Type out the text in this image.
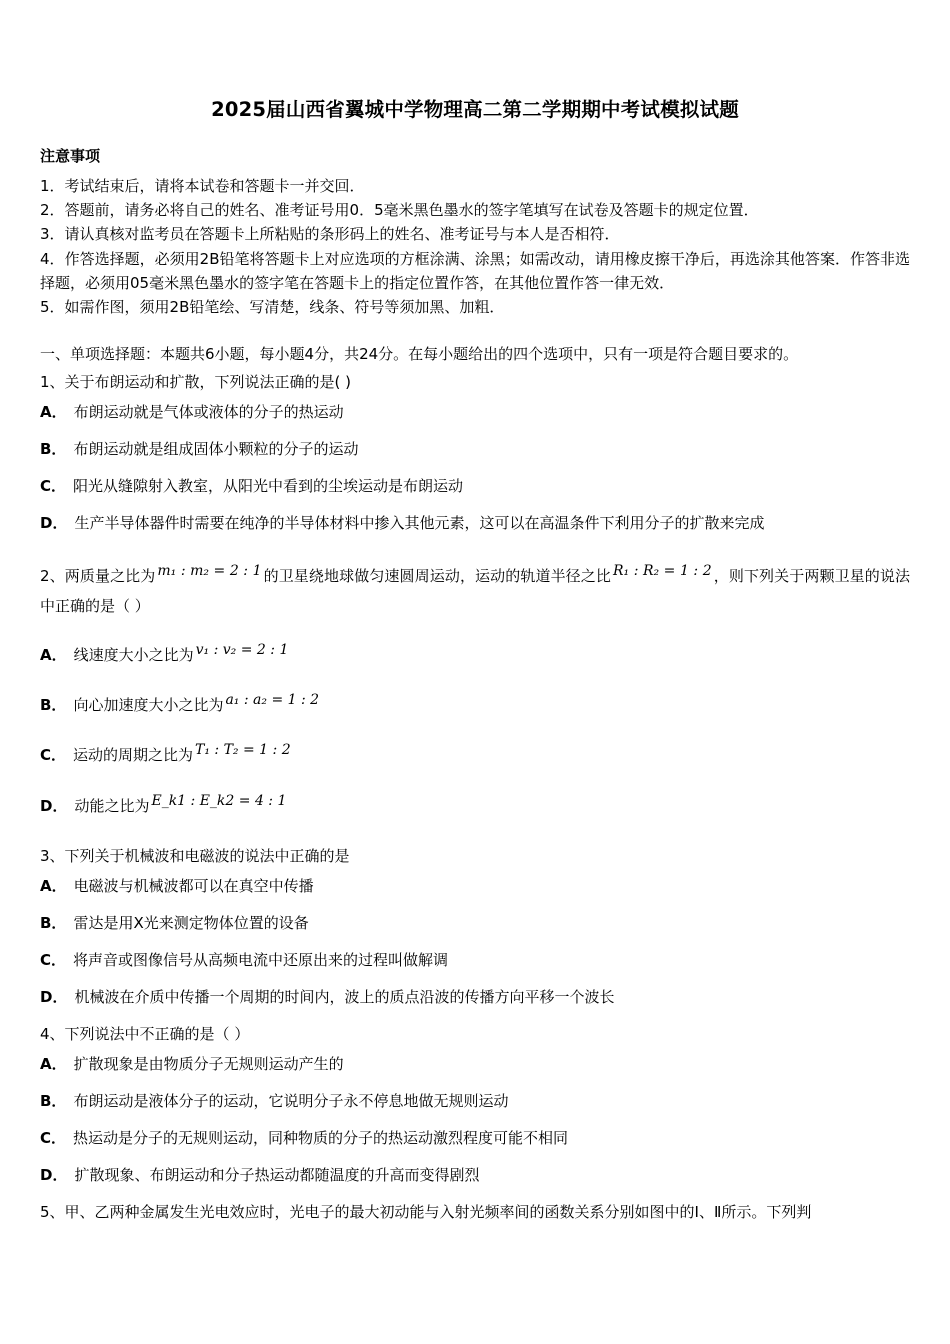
2025届山西省翼城中学物理高二第二学期期中考试模拟试题
注意事项
1．考试结束后，请将本试卷和答题卡一并交回．
2．答题前，请务必将自己的姓名、准考证号用0．5毫米黑色墨水的签字笔填写在试卷及答题卡的规定位置．
3．请认真核对监考员在答题卡上所粘贴的条形码上的姓名、准考证号与本人是否相符．
4．作答选择题，必须用2B铅笔将答题卡上对应选项的方框涂满、涂黑；如需改动，请用橡皮擦干净后，再选涂其他答案．作答非选择题，必须用05毫米黑色墨水的签字笔在答题卡上的指定位置作答，在其他位置作答一律无效．
5．如需作图，须用2B铅笔绘、写清楚，线条、符号等须加黑、加粗．
一、单项选择题：本题共6小题，每小题4分，共24分。在每小题给出的四个选项中，只有一项是符合题目要求的。
1、关于布朗运动和扩散，下列说法正确的是( )
A． 布朗运动就是气体或液体的分子的热运动
B． 布朗运动就是组成固体小颗粒的分子的运动
C． 阳光从缝隙射入教室，从阳光中看到的尘埃运动是布朗运动
D． 生产半导体器件时需要在纯净的半导体材料中掺入其他元素，这可以在高温条件下利用分子的扩散来完成
2、两质量之比为 m₁ : m₂ = 2 : 1 的卫星绕地球做匀速圆周运动，运动的轨道半径之比 R₁ : R₂ = 1 : 2 ，则下列关于两颗卫星的说法中正确的是（ ）
A． 线速度大小之比为 v₁ : v₂ = 2 : 1
B． 向心加速度大小之比为 a₁ : a₂ = 1 : 2
C． 运动的周期之比为 T₁ : T₂ = 1 : 2
D． 动能之比为 E_k1 : E_k2 = 4 : 1
3、下列关于机械波和电磁波的说法中正确的是
A． 电磁波与机械波都可以在真空中传播
B． 雷达是用X光来测定物体位置的设备
C． 将声音或图像信号从高频电流中还原出来的过程叫做解调
D． 机械波在介质中传播一个周期的时间内，波上的质点沿波的传播方向平移一个波长
4、下列说法中不正确的是（ ）
A． 扩散现象是由物质分子无规则运动产生的
B． 布朗运动是液体分子的运动，它说明分子永不停息地做无规则运动
C． 热运动是分子的无规则运动，同种物质的分子的热运动激烈程度可能不相同
D． 扩散现象、布朗运动和分子热运动都随温度的升高而变得剧烈
5、甲、乙两种金属发生光电效应时，光电子的最大初动能与入射光频率间的函数关系分别如图中的Ⅰ、Ⅱ所示。下列判
